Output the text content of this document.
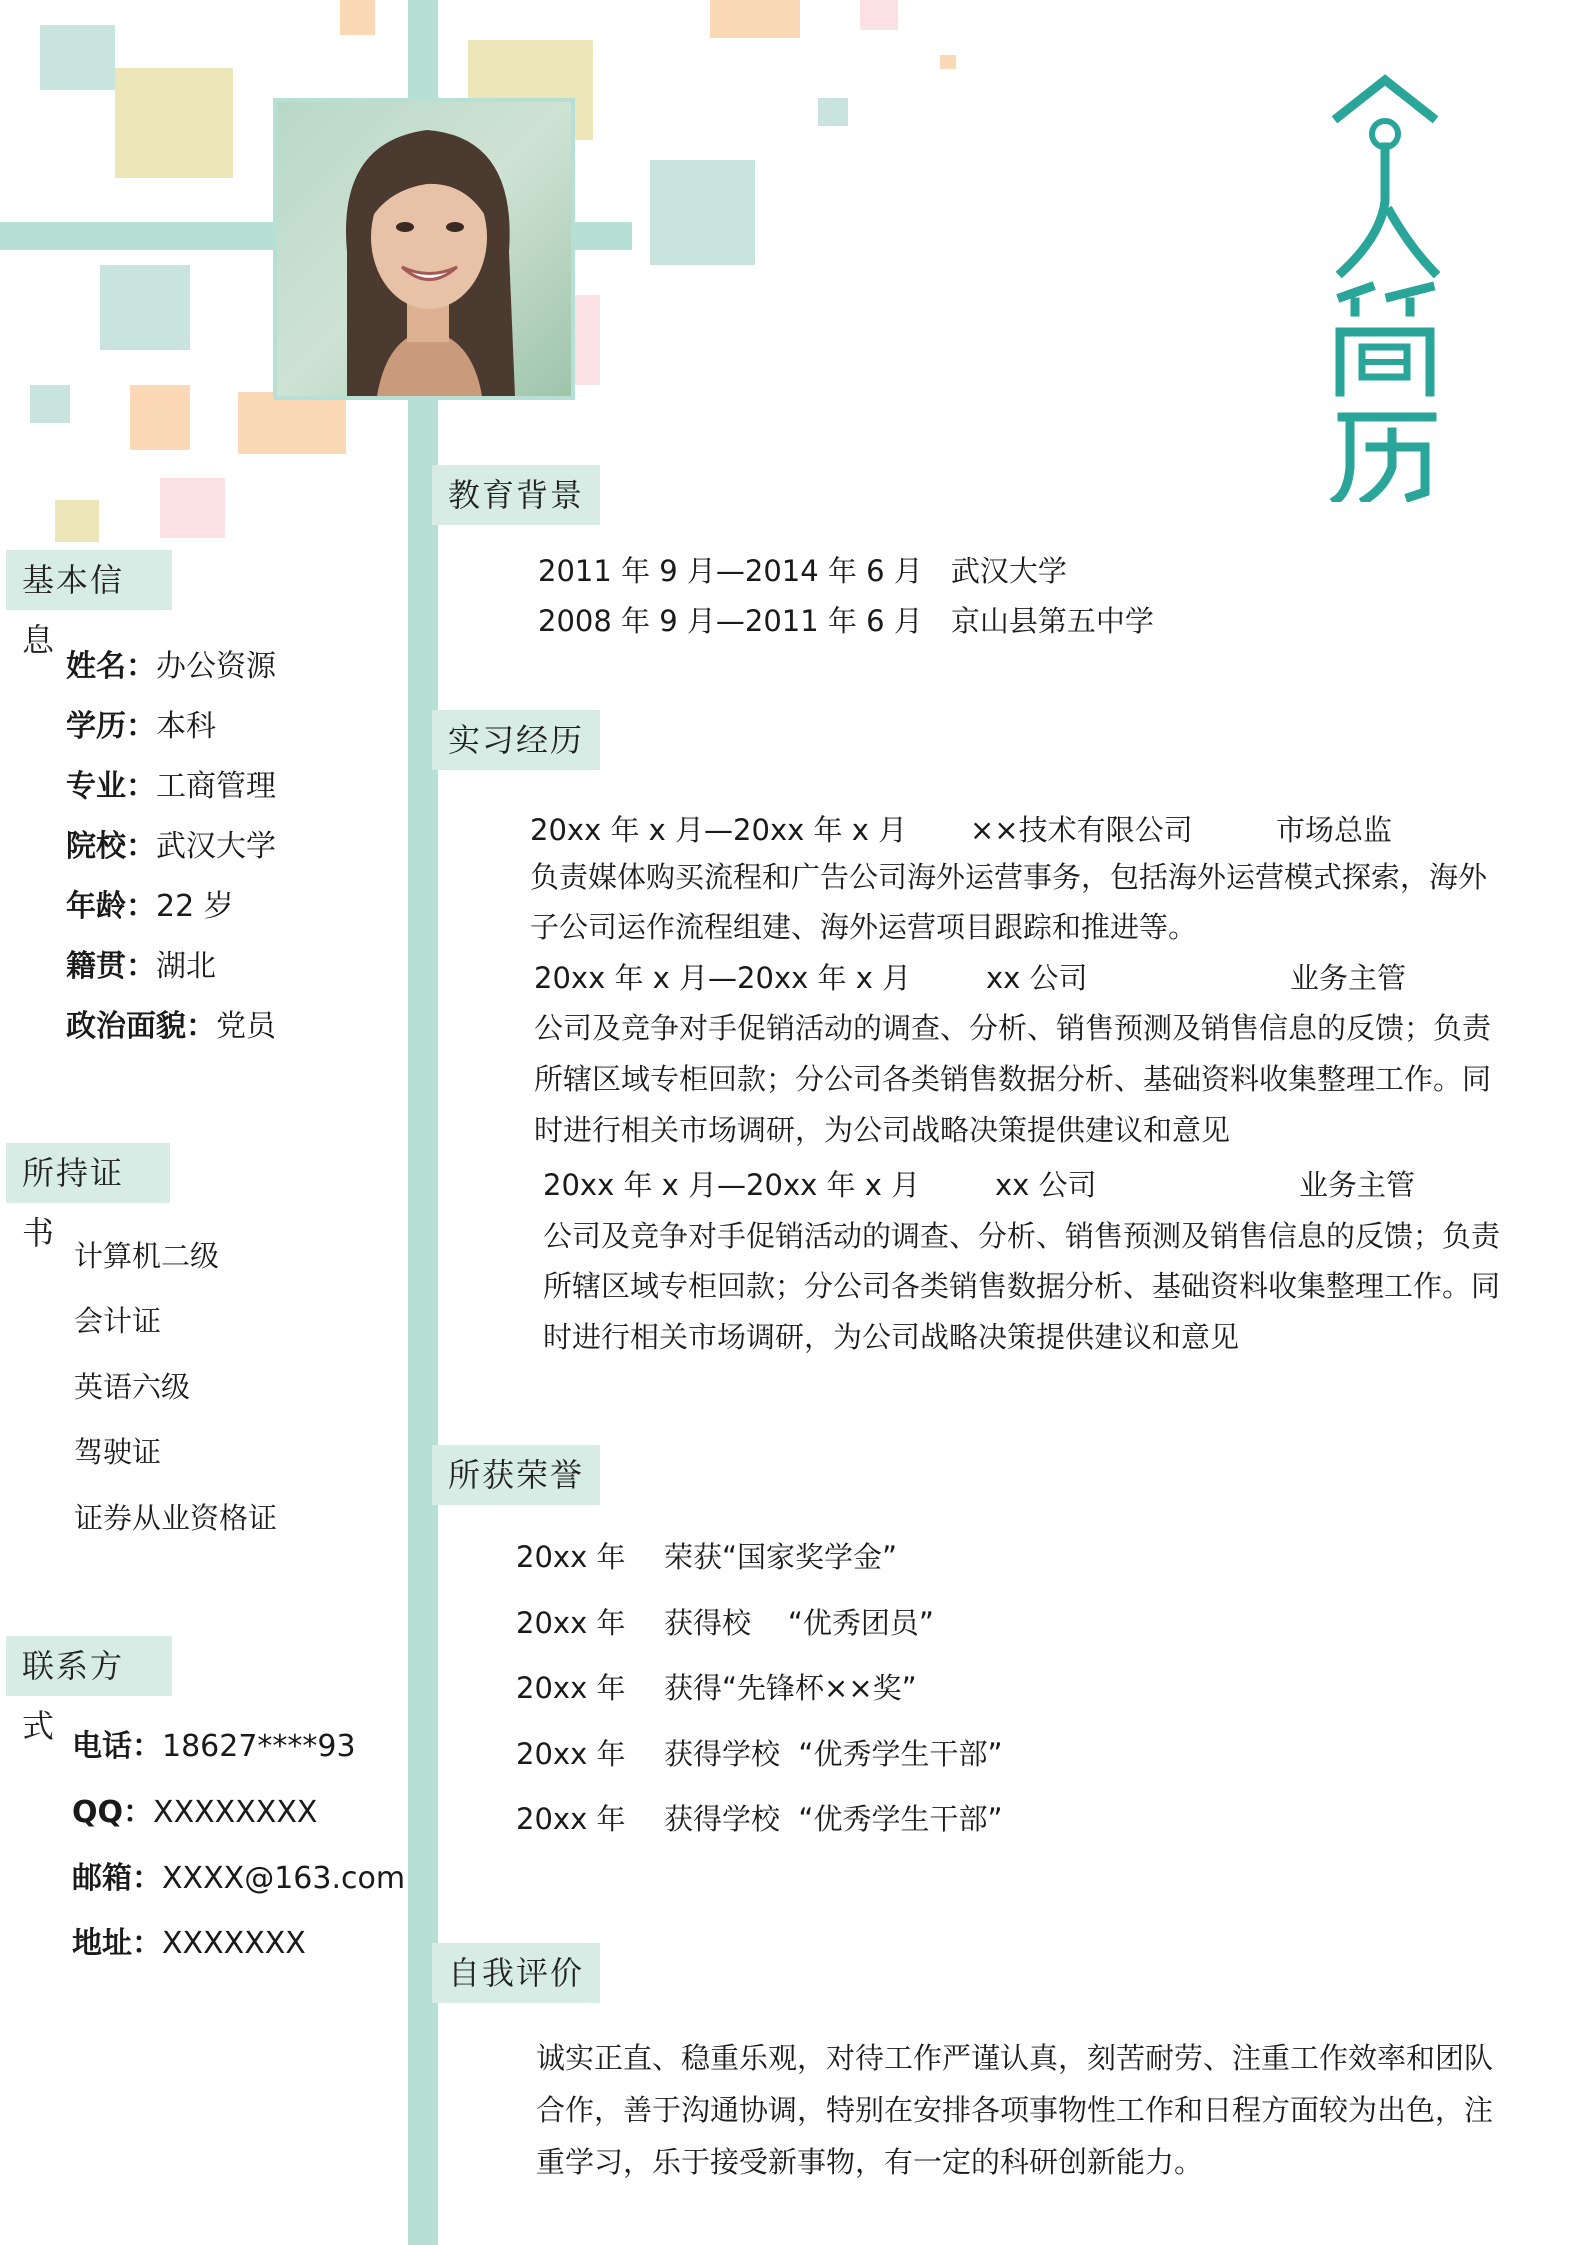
基本信息
姓名：办公资源
学历：本科
专业：工商管理
院校：武汉大学
年龄：22 岁
籍贯：湖北
政治面貌：党员
所持证书
计算机二级
会计证
英语六级
驾驶证
证券从业资格证
联系方式
电话：18627****93
QQ：XXXXXXXX
邮箱：XXXX@163.com
地址：XXXXXXX
教育背景
2011 年 9 月—2014 年 6 月 武汉大学
2008 年 9 月—2011 年 6 月 京山县第五中学
实习经历
20xx 年 x 月—20xx 年 x 月 ××技术有限公司	市场总监
负责媒体购买流程和广告公司海外运营事务，包括海外运营模式探索，海外
子公司运作流程组建、海外运营项目跟踪和推进等。
20xx 年 x 月—20xx 年 x 月	xx 公司	业务主管
公司及竞争对手促销活动的调查、分析、销售预测及销售信息的反馈；负责
所辖区域专柜回款；分公司各类销售数据分析、基础资料收集整理工作。同
时进行相关市场调研，为公司战略决策提供建议和意见
20xx 年 x 月—20xx 年 x 月	xx 公司	业务主管
公司及竞争对手促销活动的调查、分析、销售预测及销售信息的反馈；负责
所辖区域专柜回款；分公司各类销售数据分析、基础资料收集整理工作。同
时进行相关市场调研，为公司战略决策提供建议和意见
所获荣誉
20xx 年 荣获“国家奖学金”
20xx 年 获得校    “优秀团员”
20xx 年 获得“先锋杯××奖”
20xx 年 获得学校  “优秀学生干部”
20xx 年 获得学校  “优秀学生干部”
自我评价
诚实正直、稳重乐观，对待工作严谨认真，刻苦耐劳、注重工作效率和团队
合作，善于沟通协调，特别在安排各项事物性工作和日程方面较为出色，注
重学习，乐于接受新事物，有一定的科研创新能力。
